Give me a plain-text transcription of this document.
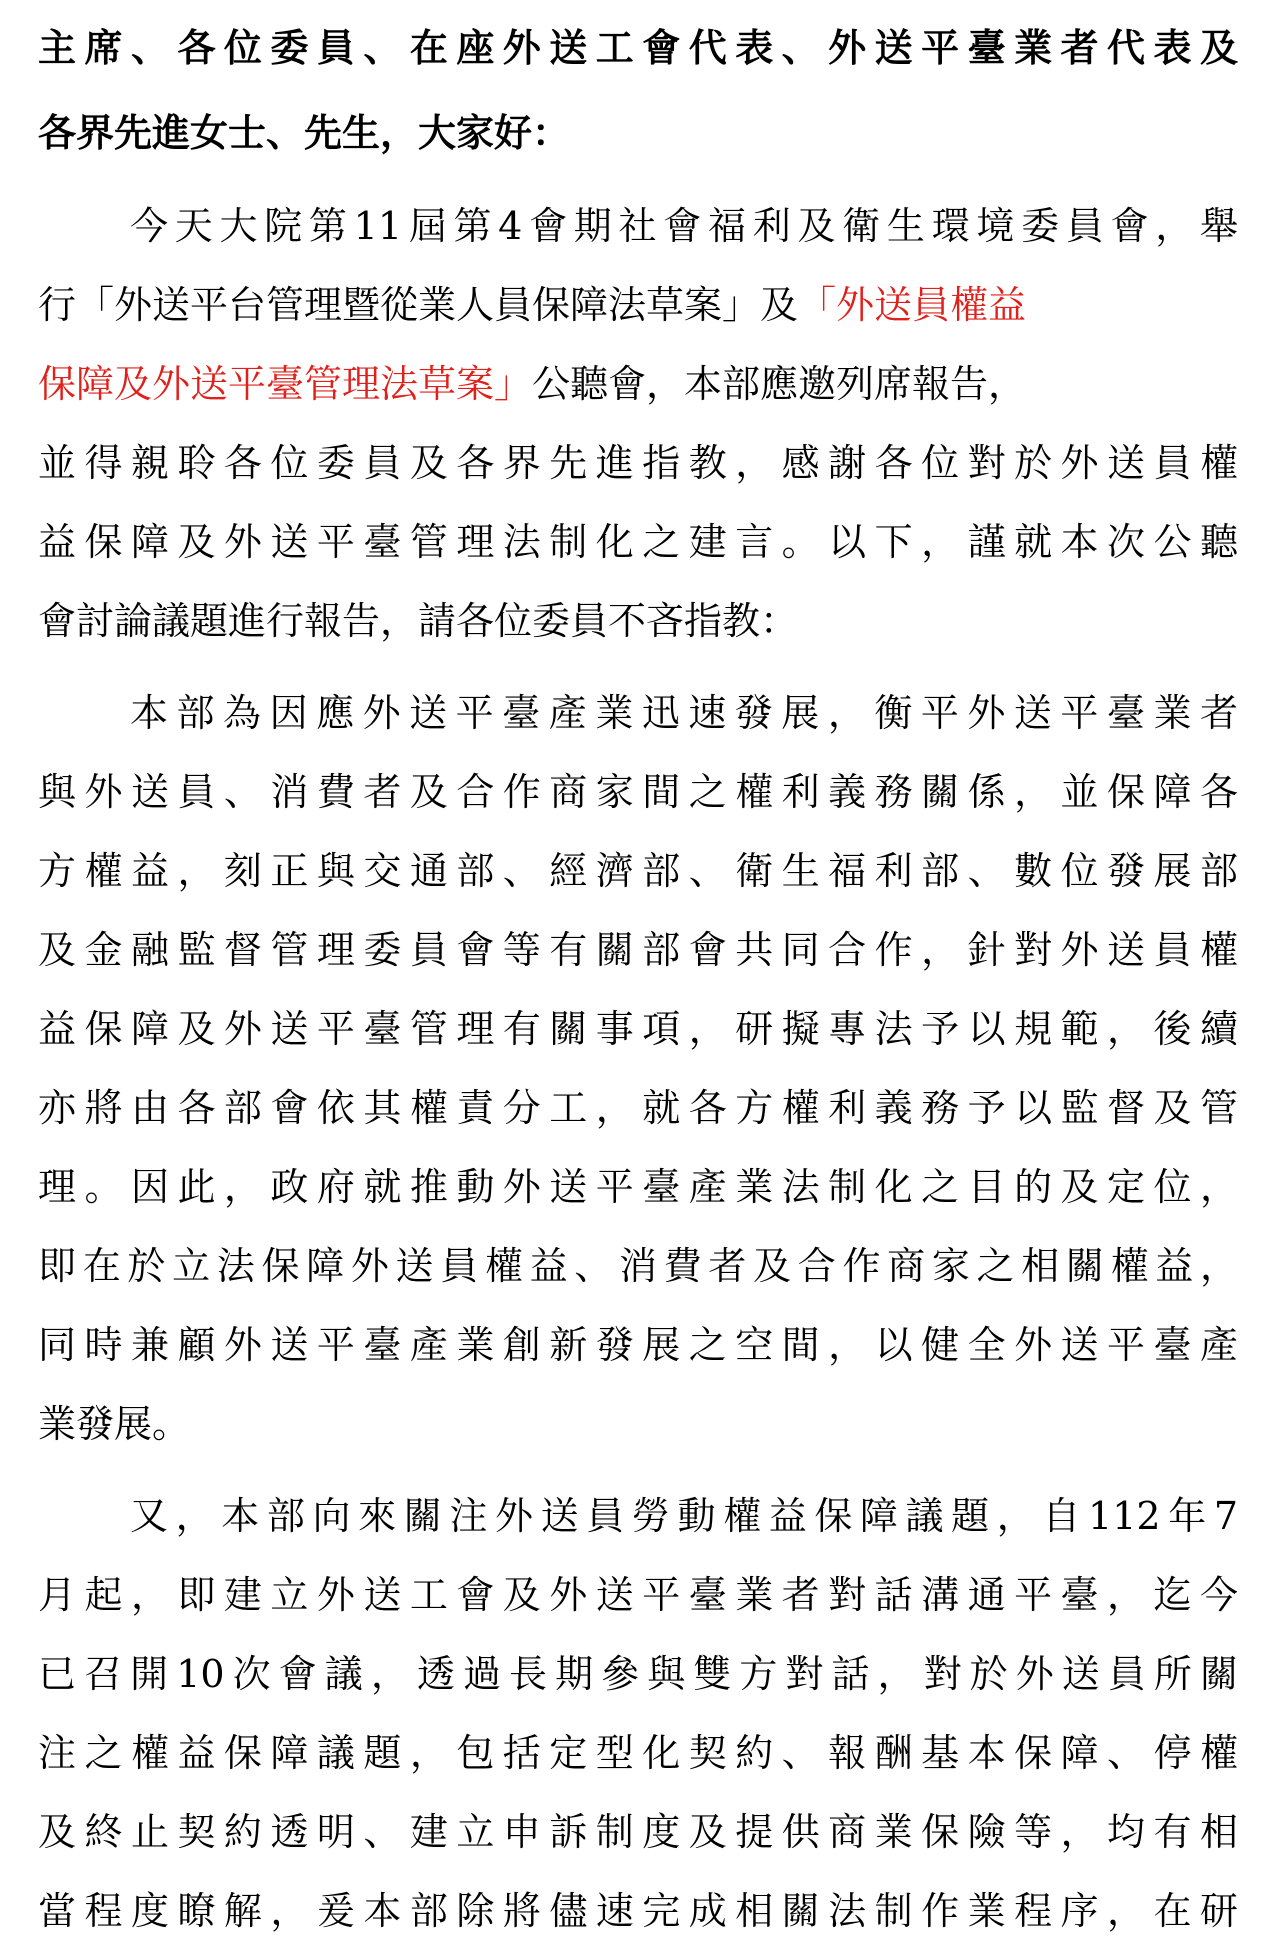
主席、各位委員、在座外送工會代表、外送平臺業者代表及
各界先進女士、先生，大家好：
今天大院第11屆第4會期社會福利及衛生環境委員會，舉
行「外送平台管理暨從業人員保障法草案」及「外送員權益
保障及外送平臺管理法草案」公聽會，本部應邀列席報告，
並得親聆各位委員及各界先進指教，感謝各位對於外送員權
益保障及外送平臺管理法制化之建言。以下，謹就本次公聽
會討論議題進行報告，請各位委員不吝指教：
本部為因應外送平臺產業迅速發展，衡平外送平臺業者
與外送員、消費者及合作商家間之權利義務關係，並保障各
方權益，刻正與交通部、經濟部、衛生福利部、數位發展部
及金融監督管理委員會等有關部會共同合作，針對外送員權
益保障及外送平臺管理有關事項，研擬專法予以規範，後續
亦將由各部會依其權責分工，就各方權利義務予以監督及管
理。因此，政府就推動外送平臺產業法制化之目的及定位，
即在於立法保障外送員權益、消費者及合作商家之相關權益，
同時兼顧外送平臺產業創新發展之空間，以健全外送平臺產
業發展。
又，本部向來關注外送員勞動權益保障議題，自112年7
月起，即建立外送工會及外送平臺業者對話溝通平臺，迄今
已召開10次會議，透過長期參與雙方對話，對於外送員所關
注之權益保障議題，包括定型化契約、報酬基本保障、停權
及終止契約透明、建立申訴制度及提供商業保險等，均有相
當程度瞭解，爰本部除將儘速完成相關法制作業程序，在研
